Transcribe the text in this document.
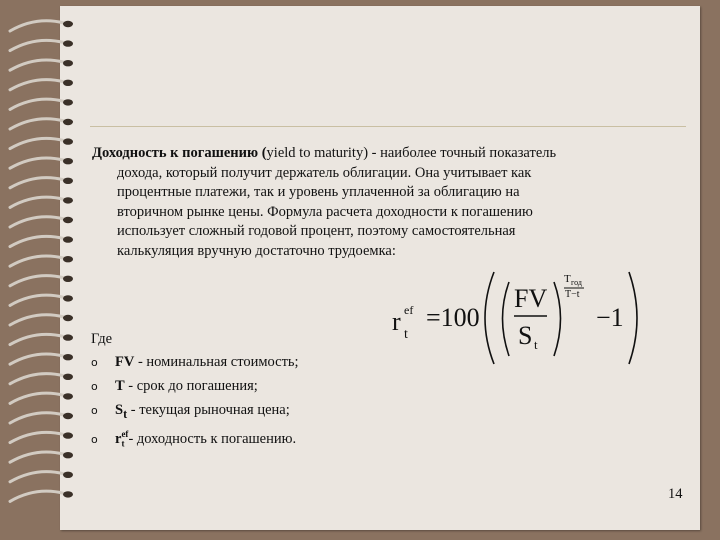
Доходность к погашению (yield to maturity) - наиболее точный показатель
дохода, который получит держатель облигации. Она учитывает как
процентные платежи, так и уровень уплаченной за облигацию на
вторичном рынке цены. Формула расчета доходности к погашению
использует сложный годовой процент, поэтому самостоятельная
калькуляция вручную достаточно трудоемка:
r t
ef =100
FV
S t
T год
T−t
−1
Где
o FV - номинальная стоимость;
o T - срок до погашения;
o $S_t$ - текущая рыночная цена;
o $r_t^{ef}-$ доходность к погашению.
14
